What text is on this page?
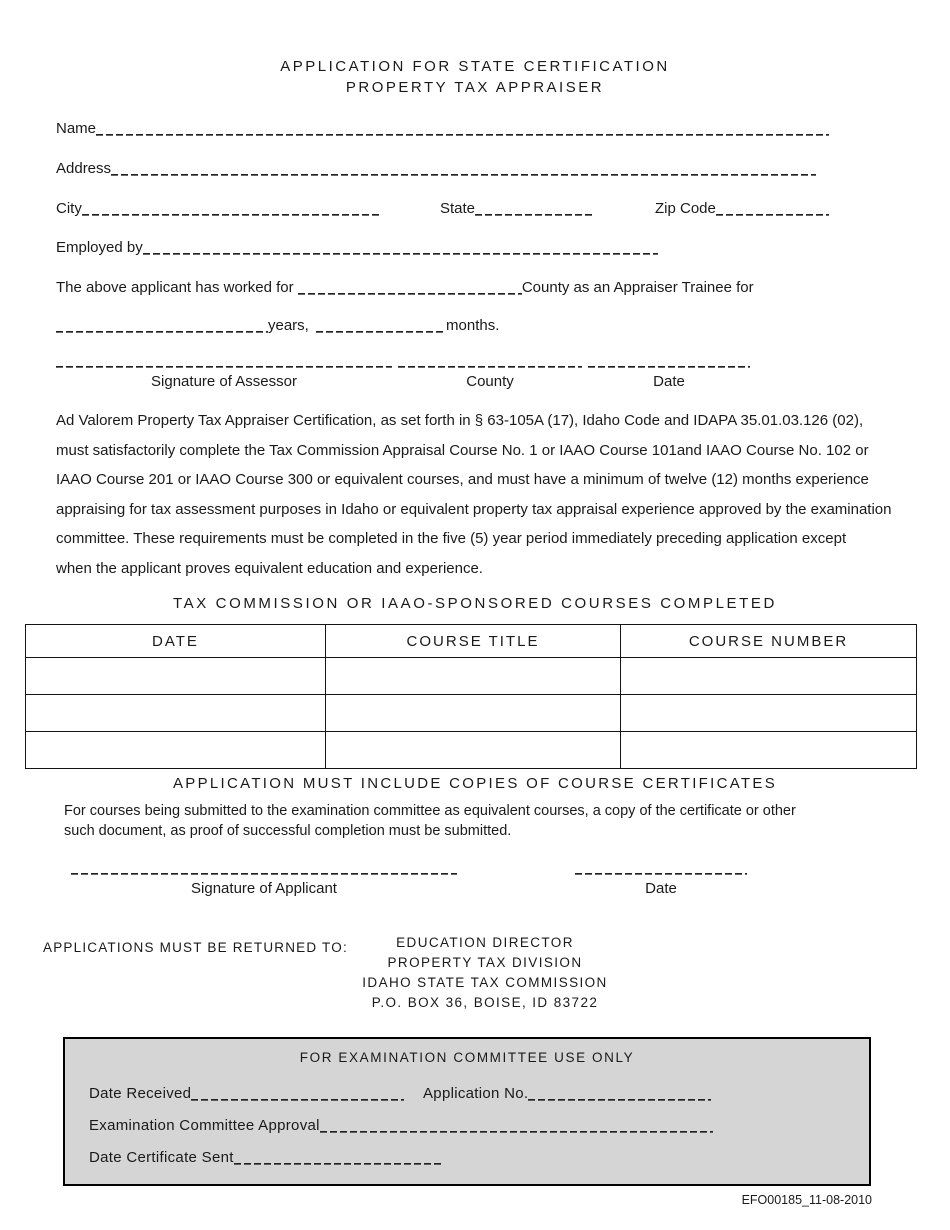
APPLICATION FOR STATE CERTIFICATION
PROPERTY TAX APPRAISER
Name
Address
City	State	Zip Code
Employed by
The above applicant has worked for	County as an Appraiser Trainee for
years,	months.
Signature of Assessor	County	Date
Ad Valorem Property Tax Appraiser Certification, as set forth in § 63-105A (17), Idaho Code and IDAPA 35.01.03.126 (02),
must satisfactorily complete the Tax Commission Appraisal Course No. 1 or IAAO Course 101and IAAO Course No. 102 or
IAAO Course 201 or IAAO Course 300 or equivalent courses, and must have a minimum of twelve (12) months experience
appraising for tax assessment purposes in Idaho or equivalent property tax appraisal experience approved by the examination
committee. These requirements must be completed in the five (5) year period immediately preceding application except
when the applicant proves equivalent education and experience.
TAX COMMISSION OR IAAO-SPONSORED COURSES COMPLETED
DATE	COURSE TITLE	COURSE NUMBER

APPLICATION MUST INCLUDE COPIES OF COURSE CERTIFICATES
For courses being submitted to the examination committee as equivalent courses, a copy of the certificate or other
such document, as proof of successful completion must be submitted.
Signature of Applicant	Date
APPLICATIONS MUST BE RETURNED TO:	EDUCATION DIRECTOR
PROPERTY TAX DIVISION
IDAHO STATE TAX COMMISSION
P.O. BOX 36, BOISE, ID 83722
FOR EXAMINATION COMMITTEE USE ONLY
Date Received	Application No.
Examination Committee Approval
Date Certificate Sent
EFO00185_11-08-2010
